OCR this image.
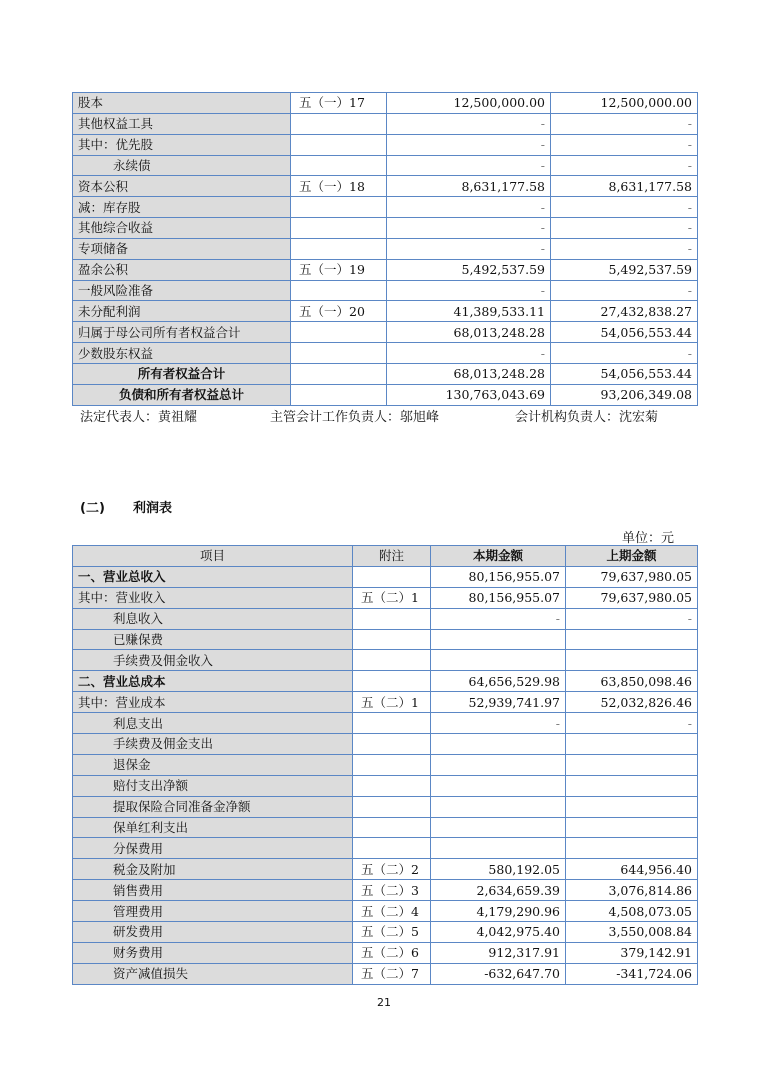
股本	五（一）17	12,500,000.00	12,500,000.00
其他权益工具		-	-
其中：优先股		-	-
永续债		-	-
资本公积	五（一）18	8,631,177.58	8,631,177.58
减：库存股		-	-
其他综合收益		-	-
专项储备		-	-
盈余公积	五（一）19	5,492,537.59	5,492,537.59
一般风险准备		-	-
未分配利润	五（一）20	41,389,533.11	27,432,838.27
归属于母公司所有者权益合计		68,013,248.28	54,056,553.44
少数股东权益		-	-
所有者权益合计		68,013,248.28	54,056,553.44
负债和所有者权益总计		130,763,043.69	93,206,349.08
法定代表人：黄祖耀	主管会计工作负责人：邬旭峰	会计机构负责人：沈宏菊
(二) 利润表
单位：元
项目	附注	本期金额	上期金额
一、营业总收入		80,156,955.07	79,637,980.05
其中：营业收入	五（二）1	80,156,955.07	79,637,980.05
利息收入		-	-
已赚保费			
手续费及佣金收入			
二、营业总成本		64,656,529.98	63,850,098.46
其中：营业成本	五（二）1	52,939,741.97	52,032,826.46
利息支出		-	-
手续费及佣金支出			
退保金			
赔付支出净额			
提取保险合同准备金净额			
保单红利支出			
分保费用			
税金及附加	五（二）2	580,192.05	644,956.40
销售费用	五（二）3	2,634,659.39	3,076,814.86
管理费用	五（二）4	4,179,290.96	4,508,073.05
研发费用	五（二）5	4,042,975.40	3,550,008.84
财务费用	五（二）6	912,317.91	379,142.91
资产减值损失	五（二）7	-632,647.70	-341,724.06
21
